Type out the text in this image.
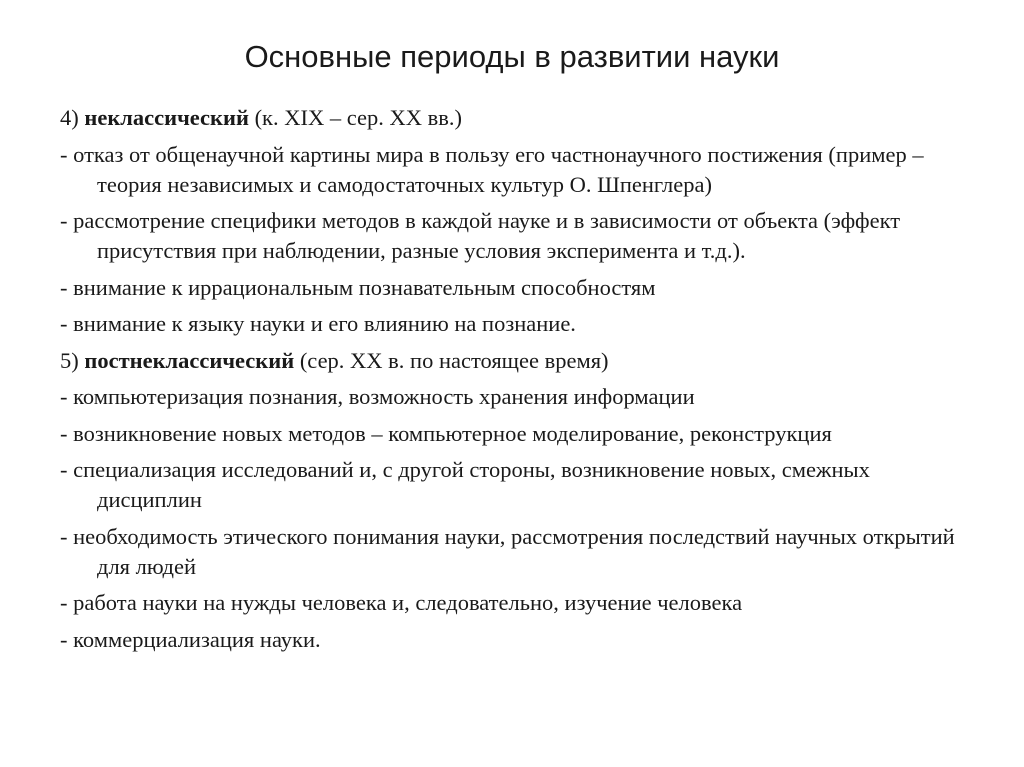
Основные периоды в развитии науки
4) неклассический (к. XIX – сер. XX вв.)
- отказ от общенаучной картины мира в пользу его частнонаучного постижения (пример – теория независимых и самодостаточных культур О. Шпенглера)
- рассмотрение специфики методов в каждой науке и в зависимости от объекта (эффект присутствия при наблюдении, разные условия эксперимента и т.д.).
- внимание к иррациональным познавательным способностям
- внимание к языку науки и его влиянию на познание.
5) постнеклассический (сер. XX в. по настоящее время)
- компьютеризация познания, возможность хранения информации
- возникновение новых методов – компьютерное моделирование, реконструкция
- специализация исследований и, с другой стороны, возникновение новых, смежных дисциплин
- необходимость этического понимания науки, рассмотрения последствий научных открытий для людей
- работа науки на нужды человека и, следовательно, изучение человека
- коммерциализация науки.
